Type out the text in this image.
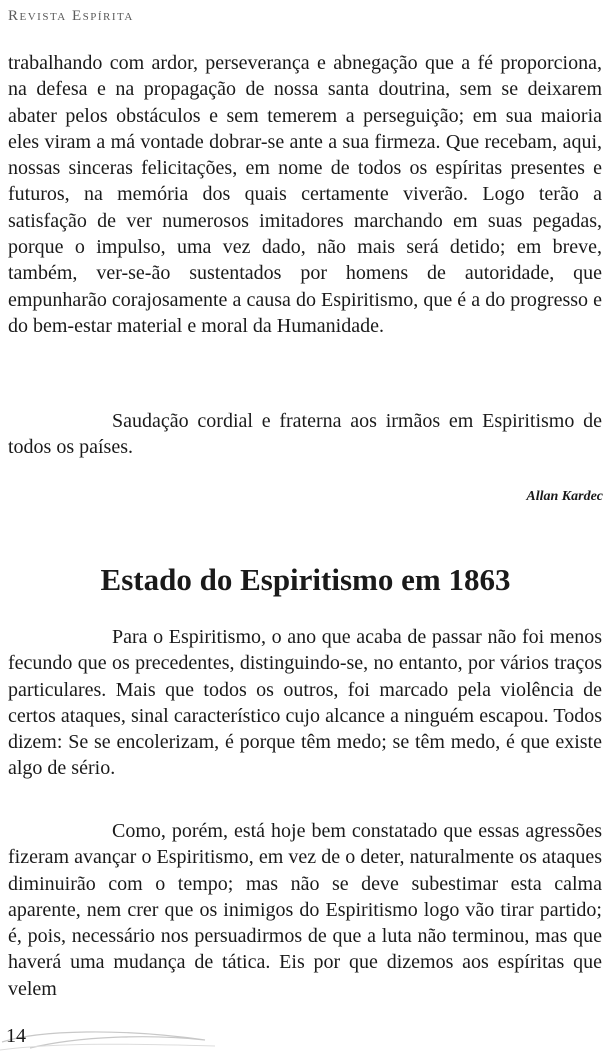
Revista Espírita

trabalhando com ardor, perseverança e abnegação que a fé proporciona, na defesa e na propagação de nossa santa doutrina, sem se deixarem abater pelos obstáculos e sem temerem a perseguição; em sua maioria eles viram a má vontade dobrar-se ante a sua firmeza. Que recebam, aqui, nossas sinceras felicitações, em nome de todos os espíritas presentes e futuros, na memória dos quais certamente viverão. Logo terão a satisfação de ver numerosos imitadores marchando em suas pegadas, porque o impulso, uma vez dado, não mais será detido; em breve, também, ver-se-ão sustentados por homens de autoridade, que empunharão corajosamente a causa do Espiritismo, que é a do progresso e do bem-estar material e moral da Humanidade.

Saudação cordial e fraterna aos irmãos em Espiritismo de todos os países.

Allan Kardec

Estado do Espiritismo em 1863

Para o Espiritismo, o ano que acaba de passar não foi menos fecundo que os precedentes, distinguindo-se, no entanto, por vários traços particulares. Mais que todos os outros, foi marcado pela violência de certos ataques, sinal característico cujo alcance a ninguém escapou. Todos dizem: Se se encolerizam, é porque têm medo; se têm medo, é que existe algo de sério.

Como, porém, está hoje bem constatado que essas agressões fizeram avançar o Espiritismo, em vez de o deter, naturalmente os ataques diminuirão com o tempo; mas não se deve subestimar esta calma aparente, nem crer que os inimigos do Espiritismo logo vão tirar partido; é, pois, necessário nos persuadirmos de que a luta não terminou, mas que haverá uma mudança de tática. Eis por que dizemos aos espíritas que velem

14
